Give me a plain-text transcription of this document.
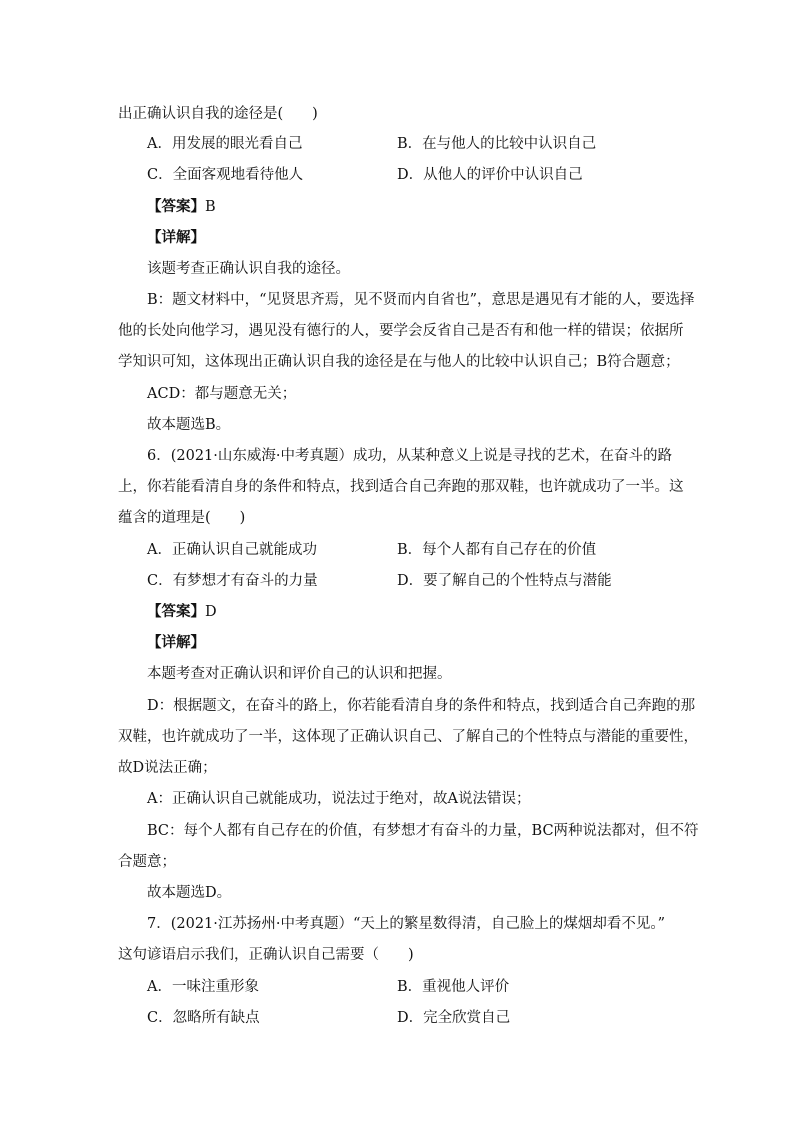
出正确认识自我的途径是(　　)
A．用发展的眼光看自己	B．在与他人的比较中认识自己
C．全面客观地看待他人	D．从他人的评价中认识自己
【答案】B
【详解】
该题考查正确认识自我的途径。
B：题文材料中，“见贤思齐焉，见不贤而内自省也”，意思是遇见有才能的人，要选择
他的长处向他学习，遇见没有德行的人，要学会反省自己是否有和他一样的错误；依据所
学知识可知，这体现出正确认识自我的途径是在与他人的比较中认识自己；B符合题意；
ACD：都与题意无关；
故本题选B。
6．(2021·山东威海·中考真题）成功，从某种意义上说是寻找的艺术，在奋斗的路
上，你若能看清自身的条件和特点，找到适合自己奔跑的那双鞋，也许就成功了一半。这
蕴含的道理是(　　)
A．正确认识自己就能成功	B．每个人都有自己存在的价值
C．有梦想才有奋斗的力量	D．要了解自己的个性特点与潜能
【答案】D
【详解】
本题考查对正确认识和评价自己的认识和把握。
D：根据题文，在奋斗的路上，你若能看清自身的条件和特点，找到适合自己奔跑的那
双鞋，也许就成功了一半，这体现了正确认识自己、了解自己的个性特点与潜能的重要性，
故D说法正确；
A：正确认识自己就能成功，说法过于绝对，故A说法错误；
BC：每个人都有自己存在的价值，有梦想才有奋斗的力量，BC两种说法都对，但不符
合题意；
故本题选D。
7．(2021·江苏扬州·中考真题）“天上的繁星数得清，自己脸上的煤烟却看不见。”
这句谚语启示我们，正确认识自己需要（　　)
A．一味注重形象	B．重视他人评价
C．忽略所有缺点	D．完全欣赏自己
